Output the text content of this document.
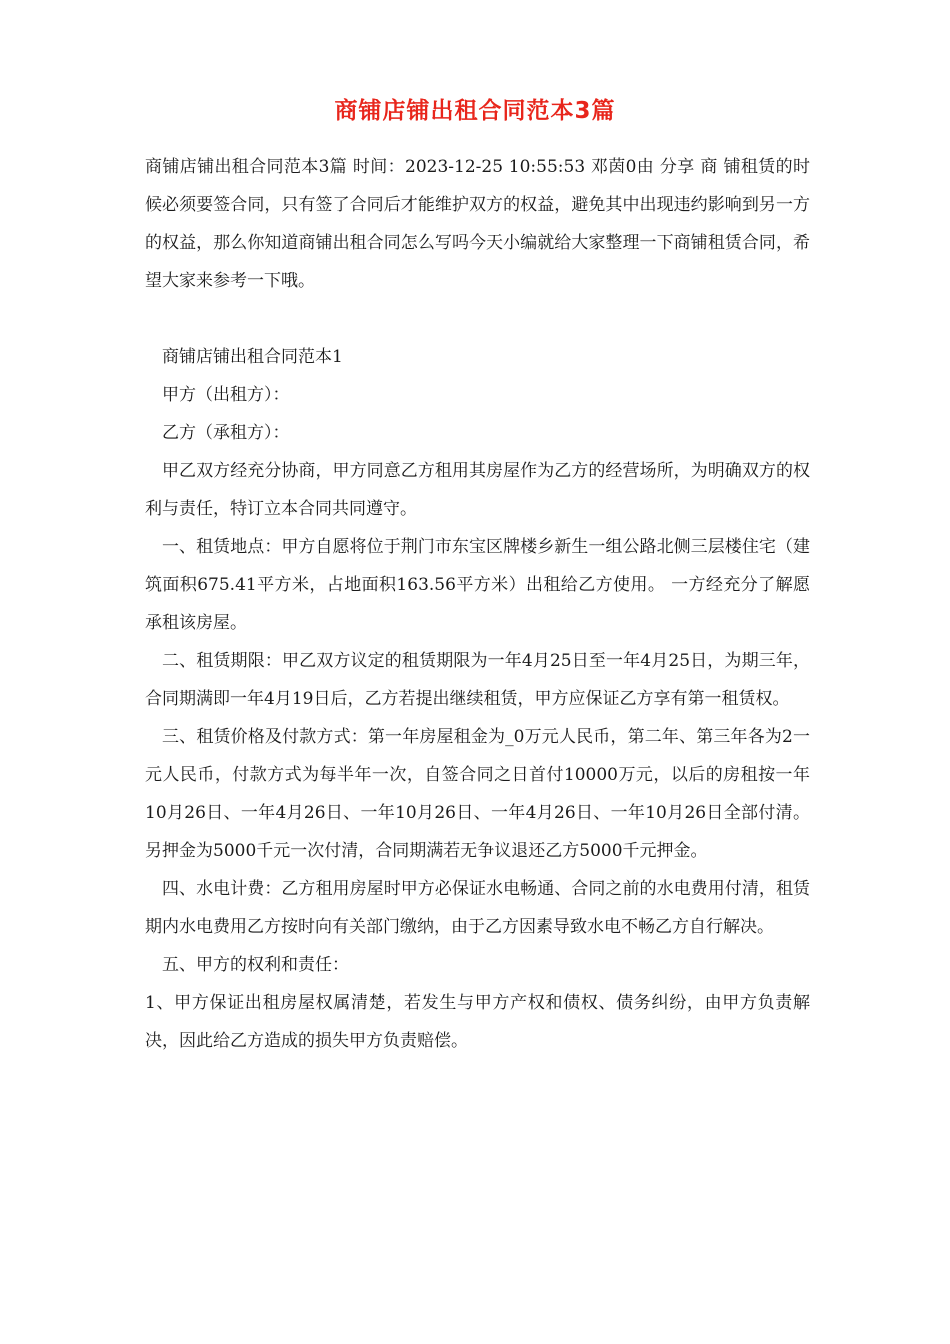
商铺店铺出租合同范本3篇

商铺店铺出租合同范本3篇 时间：2023-12-25 10:55:53 邓茵0由 分享 商 铺租赁的时候必须要签合同，只有签了合同后才能维护双方的权益，避免其中出现违约影响到另一方的权益，那么你知道商铺出租合同怎么写吗今天小编就给大家整理一下商铺租赁合同，希望大家来参考一下哦。

商铺店铺出租合同范本1

甲方（出租方）：

乙方（承租方）：

甲乙双方经充分协商，甲方同意乙方租用其房屋作为乙方的经营场所，为明确双方的权利与责任，特订立本合同共同遵守。

一、租赁地点：甲方自愿将位于荆门市东宝区牌楼乡新生一组公路北侧三层楼住宅（建筑面积675.41平方米，占地面积163.56平方米）出租给乙方使用。 一方经充分了解愿承租该房屋。

二、租赁期限：甲乙双方议定的租赁期限为一年4月25日至一年4月25日，为期三年，合同期满即一年4月19日后，乙方若提出继续租赁，甲方应保证乙方享有第一租赁权。

三、租赁价格及付款方式：第一年房屋租金为_0万元人民币，第二年、第三年各为2一元人民币，付款方式为每半年一次，自签合同之日首付10000万元，以后的房租按一年10月26日、一年4月26日、一年10月26日、一年4月26日、一年10月26日全部付清。另押金为5000千元一次付清，合同期满若无争议退还乙方5000千元押金。

四、水电计费：乙方租用房屋时甲方必保证水电畅通、合同之前的水电费用付清，租赁期内水电费用乙方按时向有关部门缴纳，由于乙方因素导致水电不畅乙方自行解决。

五、甲方的权利和责任：

1、甲方保证出租房屋权属清楚，若发生与甲方产权和债权、债务纠纷，由甲方负责解决，因此给乙方造成的损失甲方负责赔偿。
